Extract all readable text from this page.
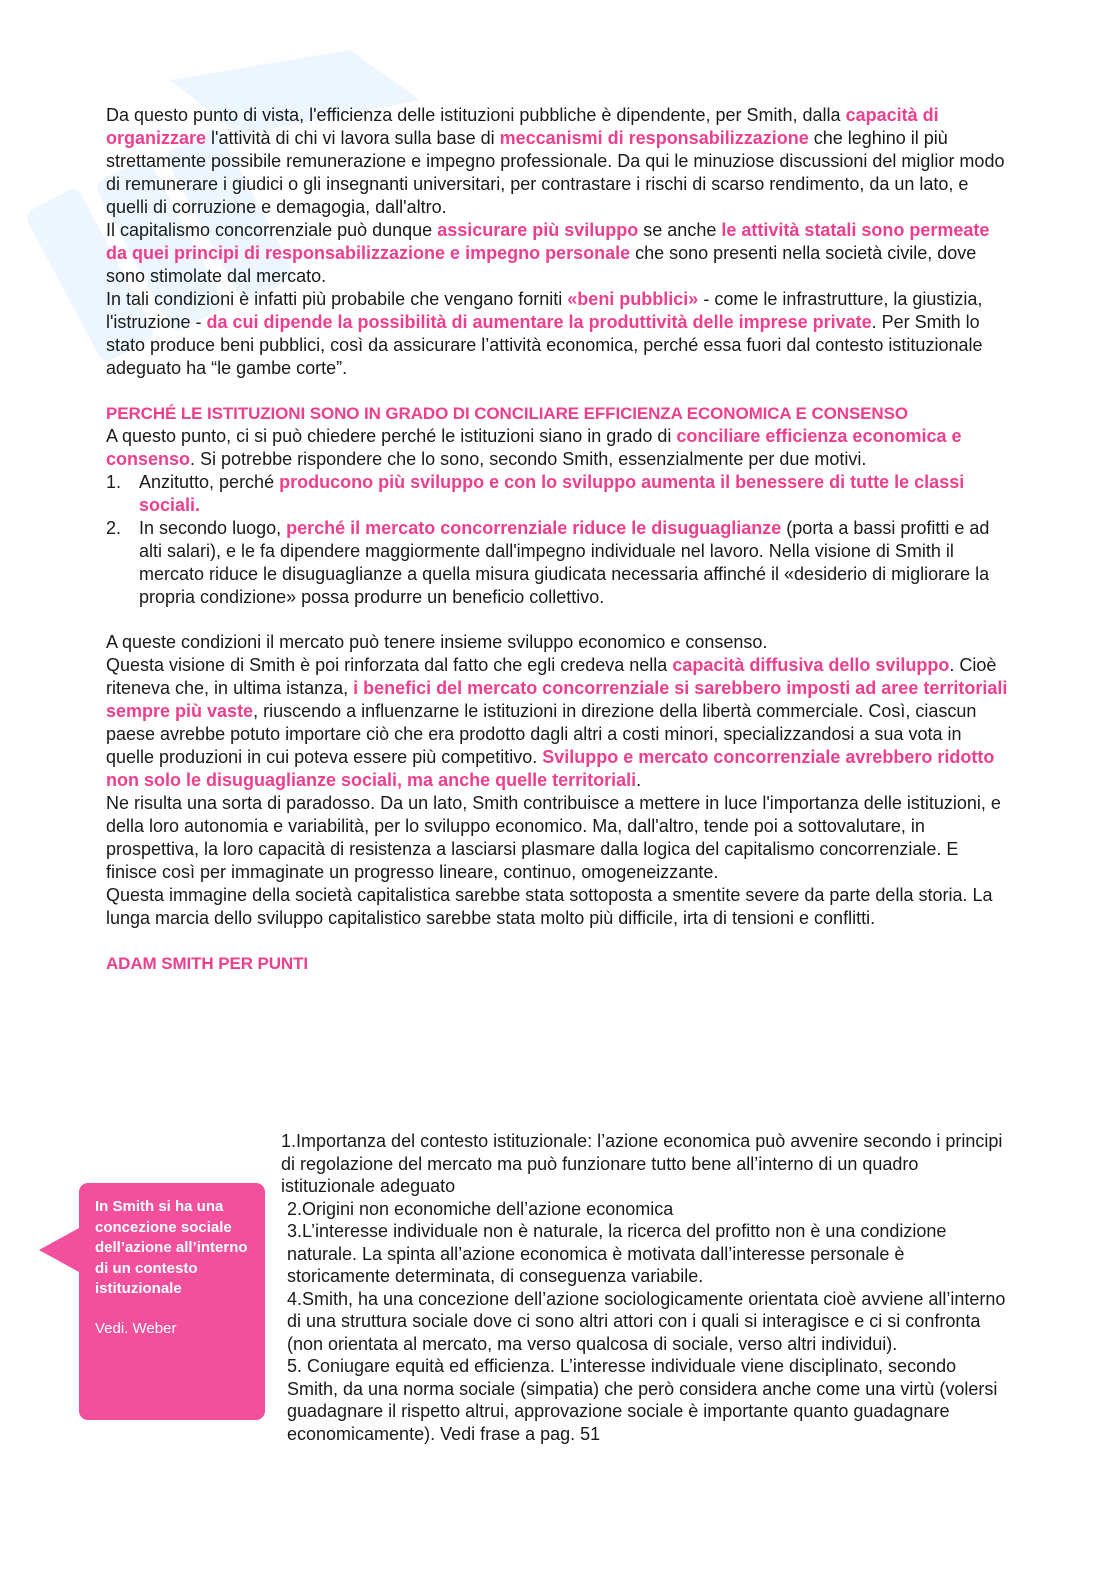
Da questo punto di vista, l'efficienza delle istituzioni pubbliche è dipendente, per Smith, dalla capacità di organizzare l'attività di chi vi lavora sulla base di meccanismi di responsabilizzazione che leghino il più strettamente possibile remunerazione e impegno professionale. Da qui le minuziose discussioni del miglior modo di remunerare i giudici o gli insegnanti universitari, per contrastare i rischi di scarso rendimento, da un lato, e quelli di corruzione e demagogia, dall'altro.

Il capitalismo concorrenziale può dunque assicurare più sviluppo se anche le attività statali sono permeate da quei principi di responsabilizzazione e impegno personale che sono presenti nella società civile, dove sono stimolate dal mercato.

In tali condizioni è infatti più probabile che vengano forniti «beni pubblici» - come le infrastrutture, la giustizia, l'istruzione - da cui dipende la possibilità di aumentare la produttività delle imprese private. Per Smith lo stato produce beni pubblici, così da assicurare l’attività economica, perché essa fuori dal contesto istituzionale adeguato ha “le gambe corte”.

PERCHÉ LE ISTITUZIONI SONO IN GRADO DI CONCILIARE EFFICIENZA ECONOMICA E CONSENSO

A questo punto, ci si può chiedere perché le istituzioni siano in grado di conciliare efficienza economica e consenso. Si potrebbe rispondere che lo sono, secondo Smith, essenzialmente per due motivi.

1. Anzitutto, perché producono più sviluppo e con lo sviluppo aumenta il benessere di tutte le classi sociali.
2. In secondo luogo, perché il mercato concorrenziale riduce le disuguaglianze (porta a bassi profitti e ad alti salari), e le fa dipendere maggiormente dall'impegno individuale nel lavoro. Nella visione di Smith il mercato riduce le disuguaglianze a quella misura giudicata necessaria affinché il «desiderio di migliorare la propria condizione» possa produrre un beneficio collettivo.

A queste condizioni il mercato può tenere insieme sviluppo economico e consenso.

Questa visione di Smith è poi rinforzata dal fatto che egli credeva nella capacità diffusiva dello sviluppo. Cioè riteneva che, in ultima istanza, i benefici del mercato concorrenziale si sarebbero imposti ad aree territoriali sempre più vaste, riuscendo a influenzarne le istituzioni in direzione della libertà commerciale. Così, ciascun paese avrebbe potuto importare ciò che era prodotto dagli altri a costi minori, specializzandosi a sua vota in quelle produzioni in cui poteva essere più competitivo. Sviluppo e mercato concorrenziale avrebbero ridotto non solo le disuguaglianze sociali, ma anche quelle territoriali.

Ne risulta una sorta di paradosso. Da un lato, Smith contribuisce a mettere in luce l'importanza delle istituzioni, e della loro autonomia e variabilità, per lo sviluppo economico. Ma, dall'altro, tende poi a sottovalutare, in prospettiva, la loro capacità di resistenza a lasciarsi plasmare dalla logica del capitalismo concorrenziale. E finisce così per immaginate un progresso lineare, continuo, omogeneizzante.

Questa immagine della società capitalistica sarebbe stata sottoposta a smentite severe da parte della storia. La lunga marcia dello sviluppo capitalistico sarebbe stata molto più difficile, irta di tensioni e conflitti.

ADAM SMITH PER PUNTI

1.Importanza del contesto istituzionale: l’azione economica può avvenire secondo i principi di regolazione del mercato ma può funzionare tutto bene all’interno di un quadro istituzionale adeguato

2.Origini non economiche dell’azione economica

3.L’interesse individuale non è naturale, la ricerca del profitto non è una condizione naturale. La spinta all’azione economica è motivata dall’interesse personale è storicamente determinata, di conseguenza variabile.

4.Smith, ha una concezione dell’azione sociologicamente orientata cioè avviene all’interno di una struttura sociale dove ci sono altri attori con i quali si interagisce e ci si confronta (non orientata al mercato, ma verso qualcosa di sociale, verso altri individui).

5. Coniugare equità ed efficienza. L’interesse individuale viene disciplinato, secondo Smith, da una norma sociale (simpatia) che però considera anche come una virtù (volersi guadagnare il rispetto altrui, approvazione sociale è importante quanto guadagnare economicamente). Vedi frase a pag. 51

In Smith si ha una concezione sociale dell’azione all’interno di un contesto istituzionale
Vedi. Weber
